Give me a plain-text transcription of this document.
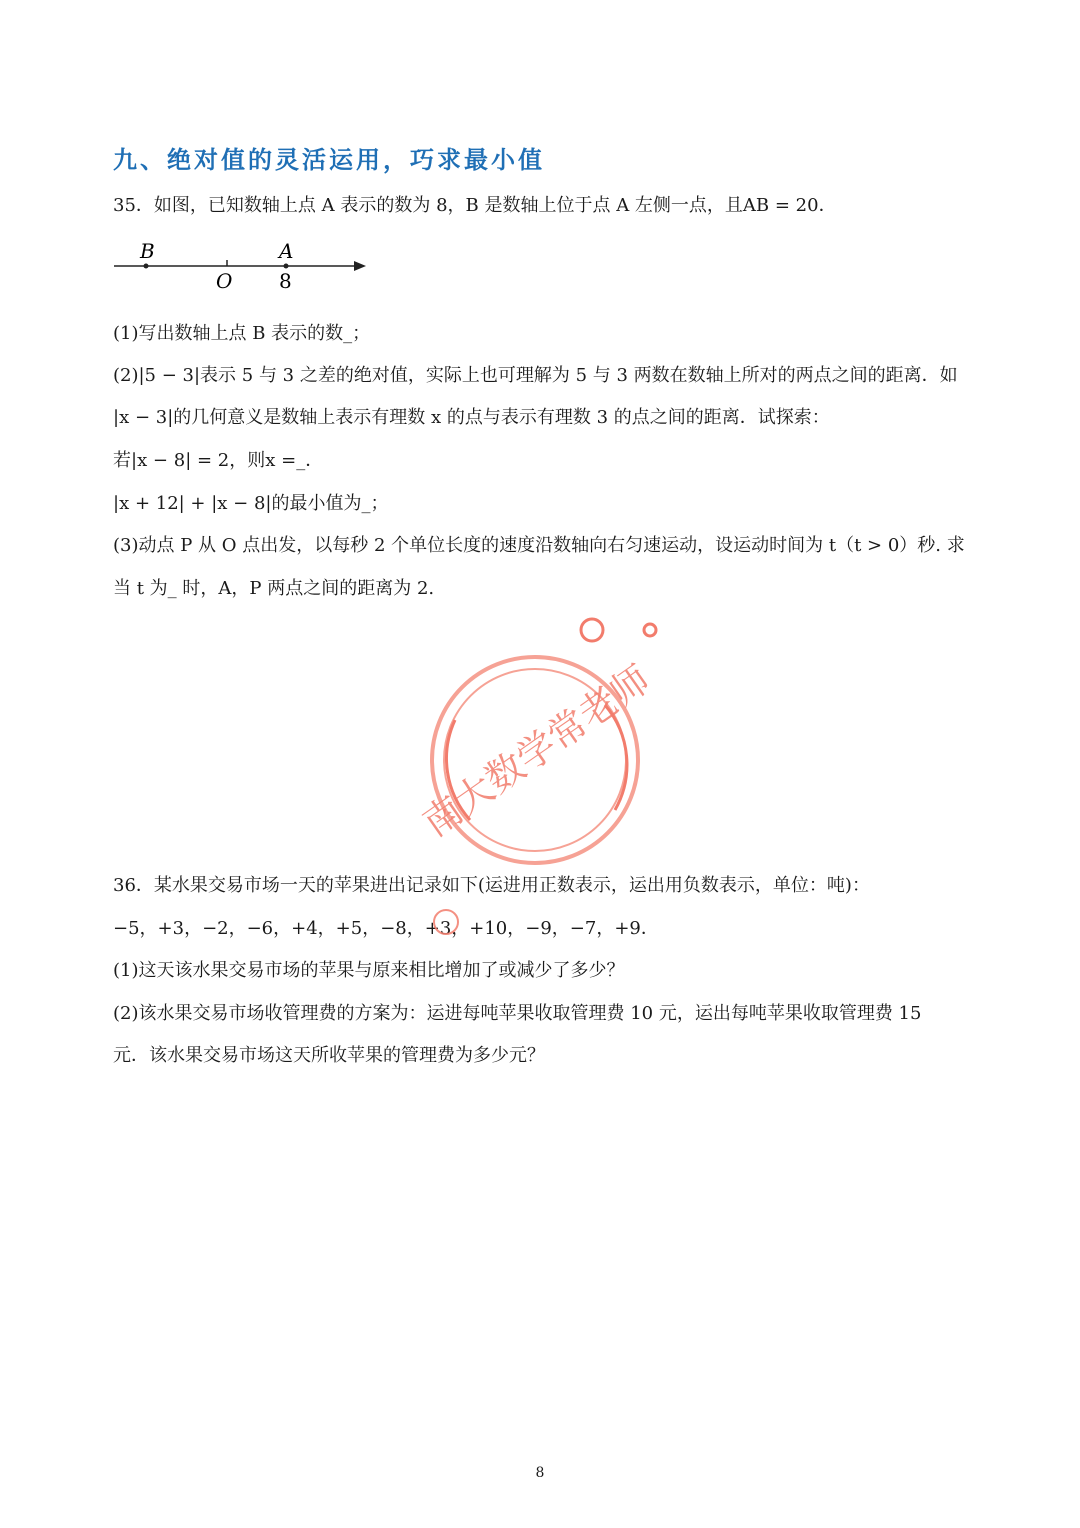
九、绝对值的灵活运用，巧求最小值
35．如图，已知数轴上点 A 表示的数为 8，B 是数轴上位于点 A 左侧一点，且AB = 20．
B	A
O 8
(1)写出数轴上点 B 表示的数_；
(2)|5 − 3|表示 5 与 3 之差的绝对值，实际上也可理解为 5 与 3 两数在数轴上所对的两点之间的距离．如
|x − 3|的几何意义是数轴上表示有理数 x 的点与表示有理数 3 的点之间的距离．试探索：
若|x − 8| = 2，则x =_．
|x + 12| + |x − 8|的最小值为_；
(3)动点 P 从 O 点出发，以每秒 2 个单位长度的速度沿数轴向右匀速运动，设运动时间为 t（t > 0）秒. 求
当 t 为_ 时，A，P 两点之间的距离为 2.
南大数学常老师
36．某水果交易市场一天的苹果进出记录如下(运进用正数表示，运出用负数表示，单位：吨)：
−5，+3，−2，−6，+4，+5，−8，+3，+10，−9，−7，+9．
(1)这天该水果交易市场的苹果与原来相比增加了或减少了多少？
(2)该水果交易市场收管理费的方案为：运进每吨苹果收取管理费 10 元，运出每吨苹果收取管理费 15
元．该水果交易市场这天所收苹果的管理费为多少元？
8
